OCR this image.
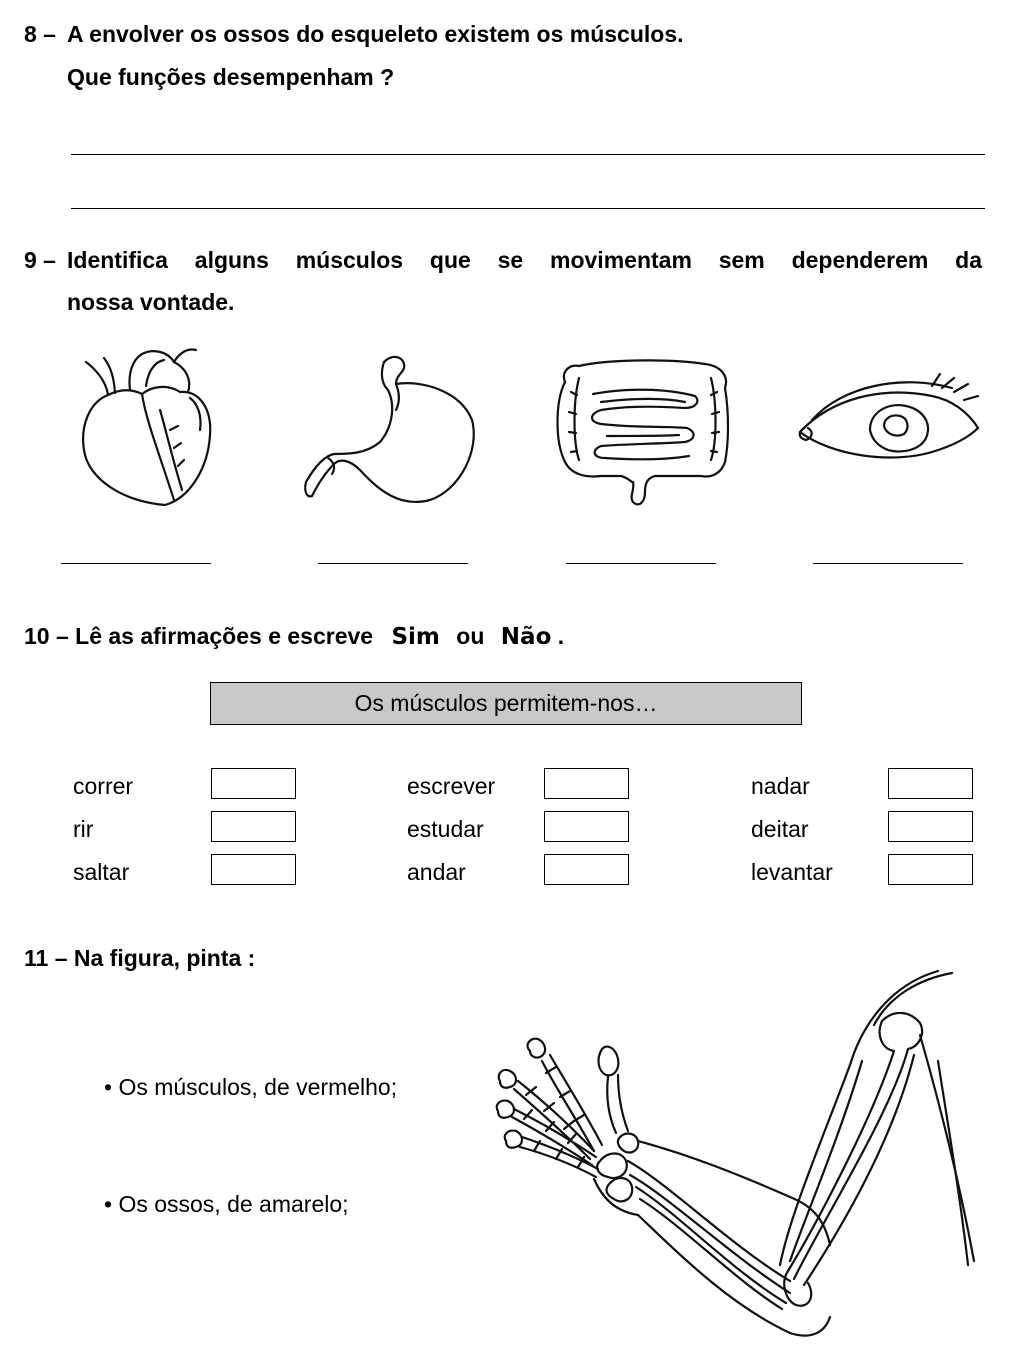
8 – A envolver os ossos do esqueleto existem os músculos.
Que funções desempenham ?
9 – Identifica alguns músculos que se movimentam sem dependerem da
nossa vontade.
10 – Lê as afirmações e escreve Sim ou Não .
Os músculos permitem-nos…
correr
rir
saltar
escrever
estudar
andar
nadar
deitar
levantar
11 – Na figura, pinta :
• Os músculos, de vermelho;
• Os ossos, de amarelo;
